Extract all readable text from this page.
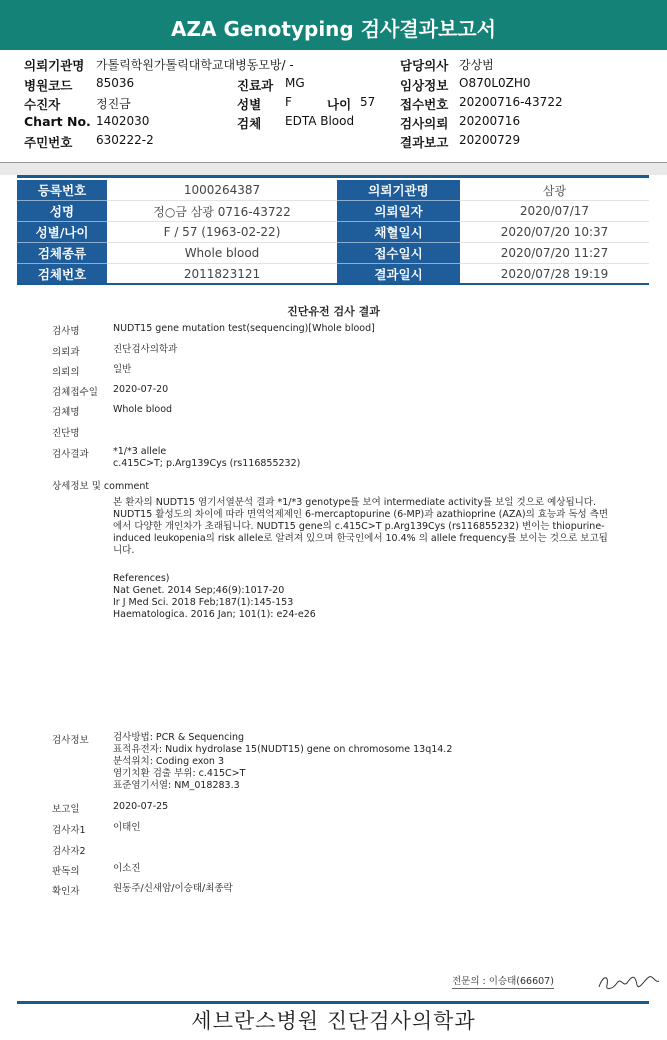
AZA Genotyping 검사결과보고서
의뢰기관명 가톨릭학원가톨릭대학교대병동모방/ -	담당의사 강상범
병원코드 85036	진료과 MG	임상정보 O870L0ZH0
수진자	정진금	성별 F	나이 57 접수번호 20200716-43722
Chart No. 1402030	검체 EDTA Blood	검사의뢰 20200716
주민번호 630222-2	결과보고 20200729
등록번호	1000264387	의뢰기관명	삼광
성명	정○금 삼광 0716-43722	의뢰일자	2020/07/17
성별/나이	F / 57 (1963-02-22)	채혈일시	2020/07/20 10:37
검체종류	Whole blood	접수일시	2020/07/20 11:27
검체번호	2011823121	결과일시	2020/07/28 19:19
진단유전 검사 결과
검사명	NUDT15 gene mutation test(sequencing)[Whole blood]
의뢰과	진단검사의학과
의뢰의	일반
검체접수일 2020-07-20
검체명	Whole blood
진단명
검사결과	*1/*3 allele
c.415C>T; p.Arg139Cys (rs116855232)
상세정보 및 comment
본 환자의 NUDT15 염기서열분석 결과 *1/*3 genotype를 보여 intermediate activity를 보일 것으로 예상됩니다. NUDT15 활성도의 차이에 따라 면역억제제인 6-mercaptopurine (6-MP)과 azathioprine (AZA)의 효능과 독성 측면에서 다양한 개인차가 초래됩니다. NUDT15 gene의 c.415C>T p.Arg139Cys (rs116855232) 변이는 thiopurine-induced leukopenia의 risk allele로 알려져 있으며 한국인에서 10.4% 의 allele frequency를 보이는 것으로 보고됩니다.
References)
Nat Genet. 2014 Sep;46(9):1017-20
Ir J Med Sci. 2018 Feb;187(1):145-153
Haematologica. 2016 Jan; 101(1): e24-e26
검사정보	검사방법: PCR & Sequencing
표적유전자: Nudix hydrolase 15(NUDT15) gene on chromosome 13q14.2
분석위치: Coding exon 3
염기치환 검출 부위: c.415C>T
표준염기서열: NM_018283.3
보고일	2020-07-25
검사자1	이태인
검사자2
판독의	이소진
확인자	원동주/신새암/이승태/최종락
전문의 : 이승태(66607)
세브란스병원 진단검사의학과
